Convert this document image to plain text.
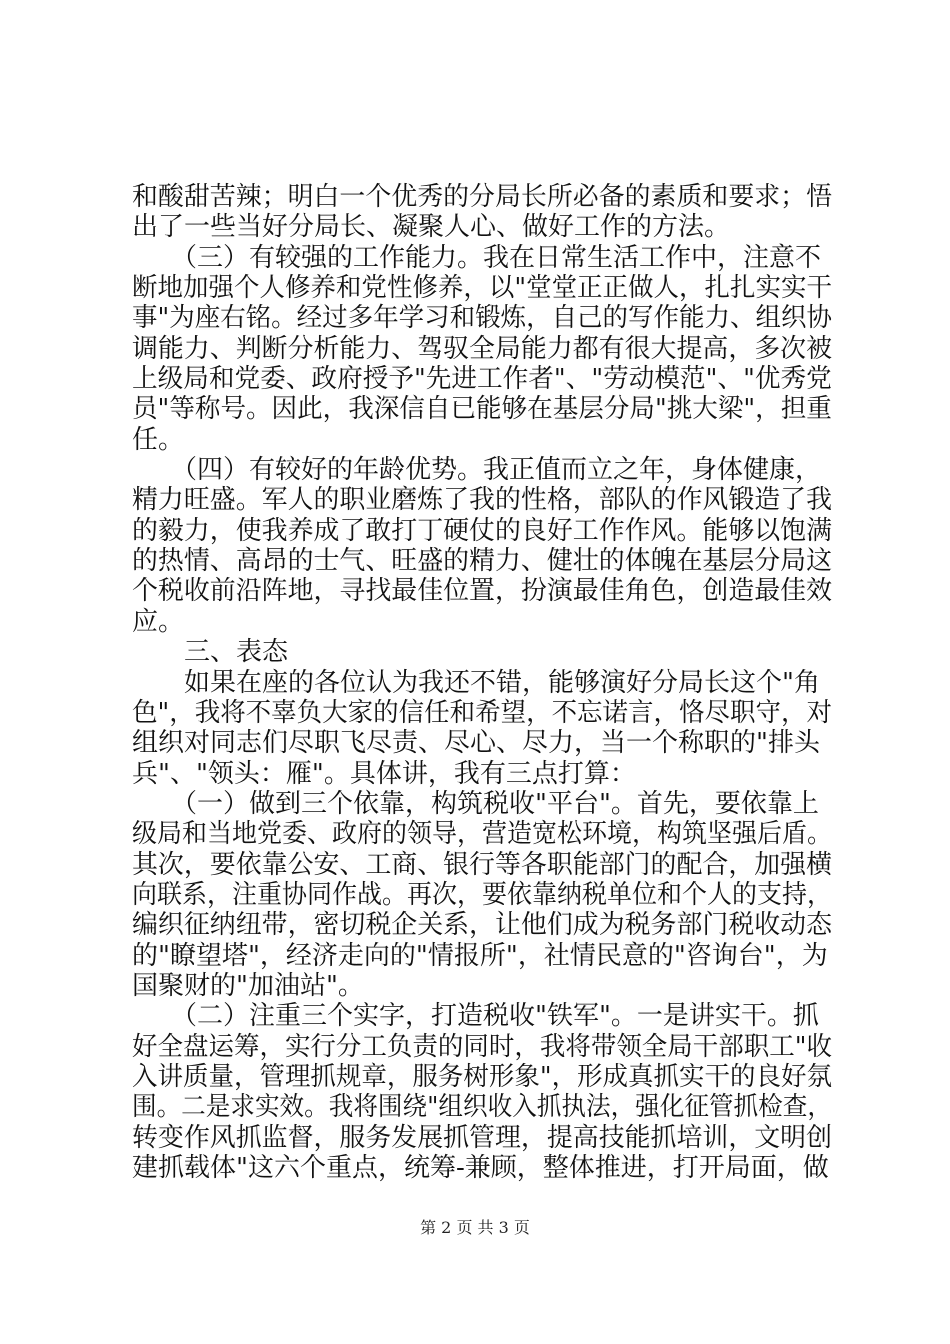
和酸甜苦辣；明白一个优秀的分局长所必备的素质和要求；悟
出了一些当好分局长、凝聚人心、做好工作的方法。
　　（三）有较强的工作能力。我在日常生活工作中，注意不
断地加强个人修养和党性修养，以"堂堂正正做人，扎扎实实干
事"为座右铭。经过多年学习和锻炼，自己的写作能力、组织协
调能力、判断分析能力、驾驭全局能力都有很大提高，多次被
上级局和党委、政府授予"先进工作者"、"劳动模范"、"优秀党
员"等称号。因此，我深信自已能够在基层分局"挑大梁"，担重
任。
　　（四）有较好的年龄优势。我正值而立之年，身体健康，
精力旺盛。军人的职业磨炼了我的性格，部队的作风锻造了我
的毅力，使我养成了敢打丁硬仗的良好工作作风。能够以饱满
的热情、高昂的士气、旺盛的精力、健壮的体魄在基层分局这
个税收前沿阵地，寻找最佳位置，扮演最佳角色，创造最佳效
应。
　　三、表态
　　如果在座的各位认为我还不错，能够演好分局长这个"角
色"，我将不辜负大家的信任和希望，不忘诺言，恪尽职守，对
组织对同志们尽职飞尽责、尽心、尽力，当一个称职的"排头
兵"、"领头：雁"。具体讲，我有三点打算：
　　（一）做到三个依靠，构筑税收"平台"。首先，要依靠上
级局和当地党委、政府的领导，营造宽松环境，构筑坚强后盾。
其次，要依靠公安、工商、银行等各职能部门的配合，加强横
向联系，注重协同作战。再次，要依靠纳税单位和个人的支持，
编织征纳纽带，密切税企关系，让他们成为税务部门税收动态
的"瞭望塔"，经济走向的"情报所"，社情民意的"咨询台"，为
国聚财的"加油站"。
　　（二）注重三个实字，打造税收"铁军"。一是讲实干。抓
好全盘运筹，实行分工负责的同时，我将带领全局干部职工"收
入讲质量，管理抓规章，服务树形象"，形成真抓实干的良好氛
围。二是求实效。我将围绕"组织收入抓执法，强化征管抓检查，
转变作风抓监督，服务发展抓管理，提高技能抓培训，文明创
建抓载体"这六个重点，统筹-兼顾，整体推进，打开局面，做
第 2 页 共 3 页
